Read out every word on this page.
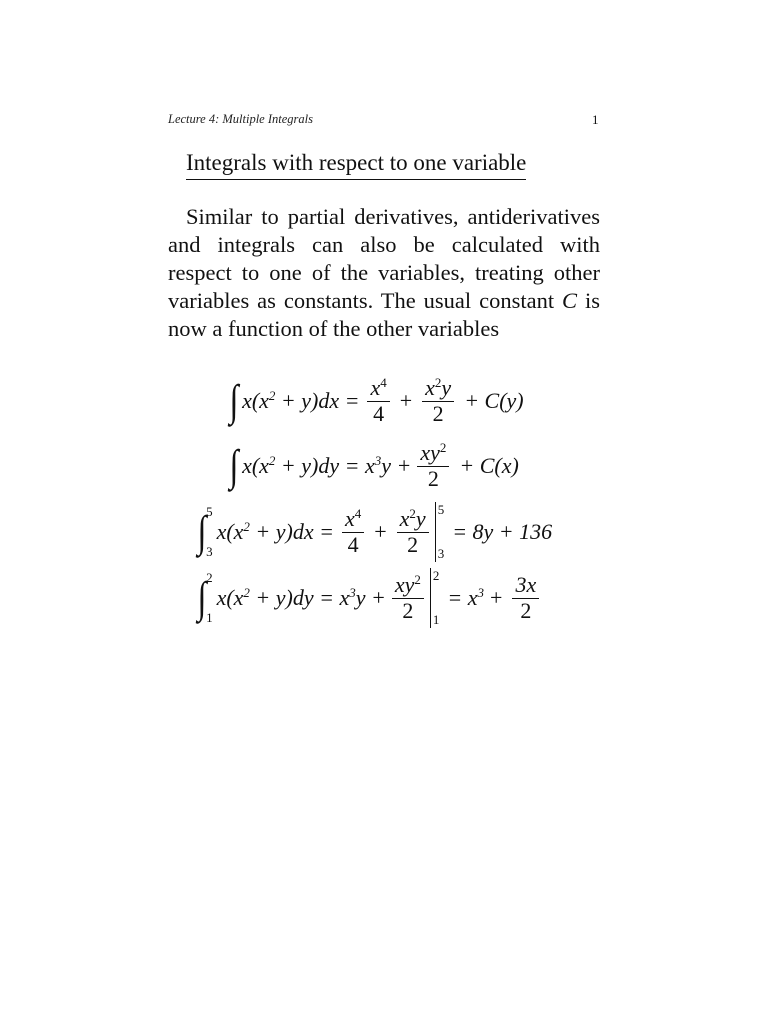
Lecture 4: Multiple Integrals	1
Integrals with respect to one variable

Similar to partial derivatives, antiderivatives and integrals can also be calculated with respect to one of the variables, treating other variables as constants. The usual constant C is now a function of the other variables

∫ $x(x^2 + y)dx = \frac{x^4}{4} + \frac{x^2y}{2} + C(y)$
∫ $x(x^2 + y)dy = x^3y + \frac{xy^2}{2} + C(x)$
∫ 5
3
$x(x^2 + y)dx = \frac{x^4}{4} + \frac{x^2y}{2} 5$
3
= 8y + 136
∫ 2
1
$x(x^2 + y)dy = x^3y + \frac{xy^2}{2} 2$
1
= $x^3 + \frac{3x}{2}$
